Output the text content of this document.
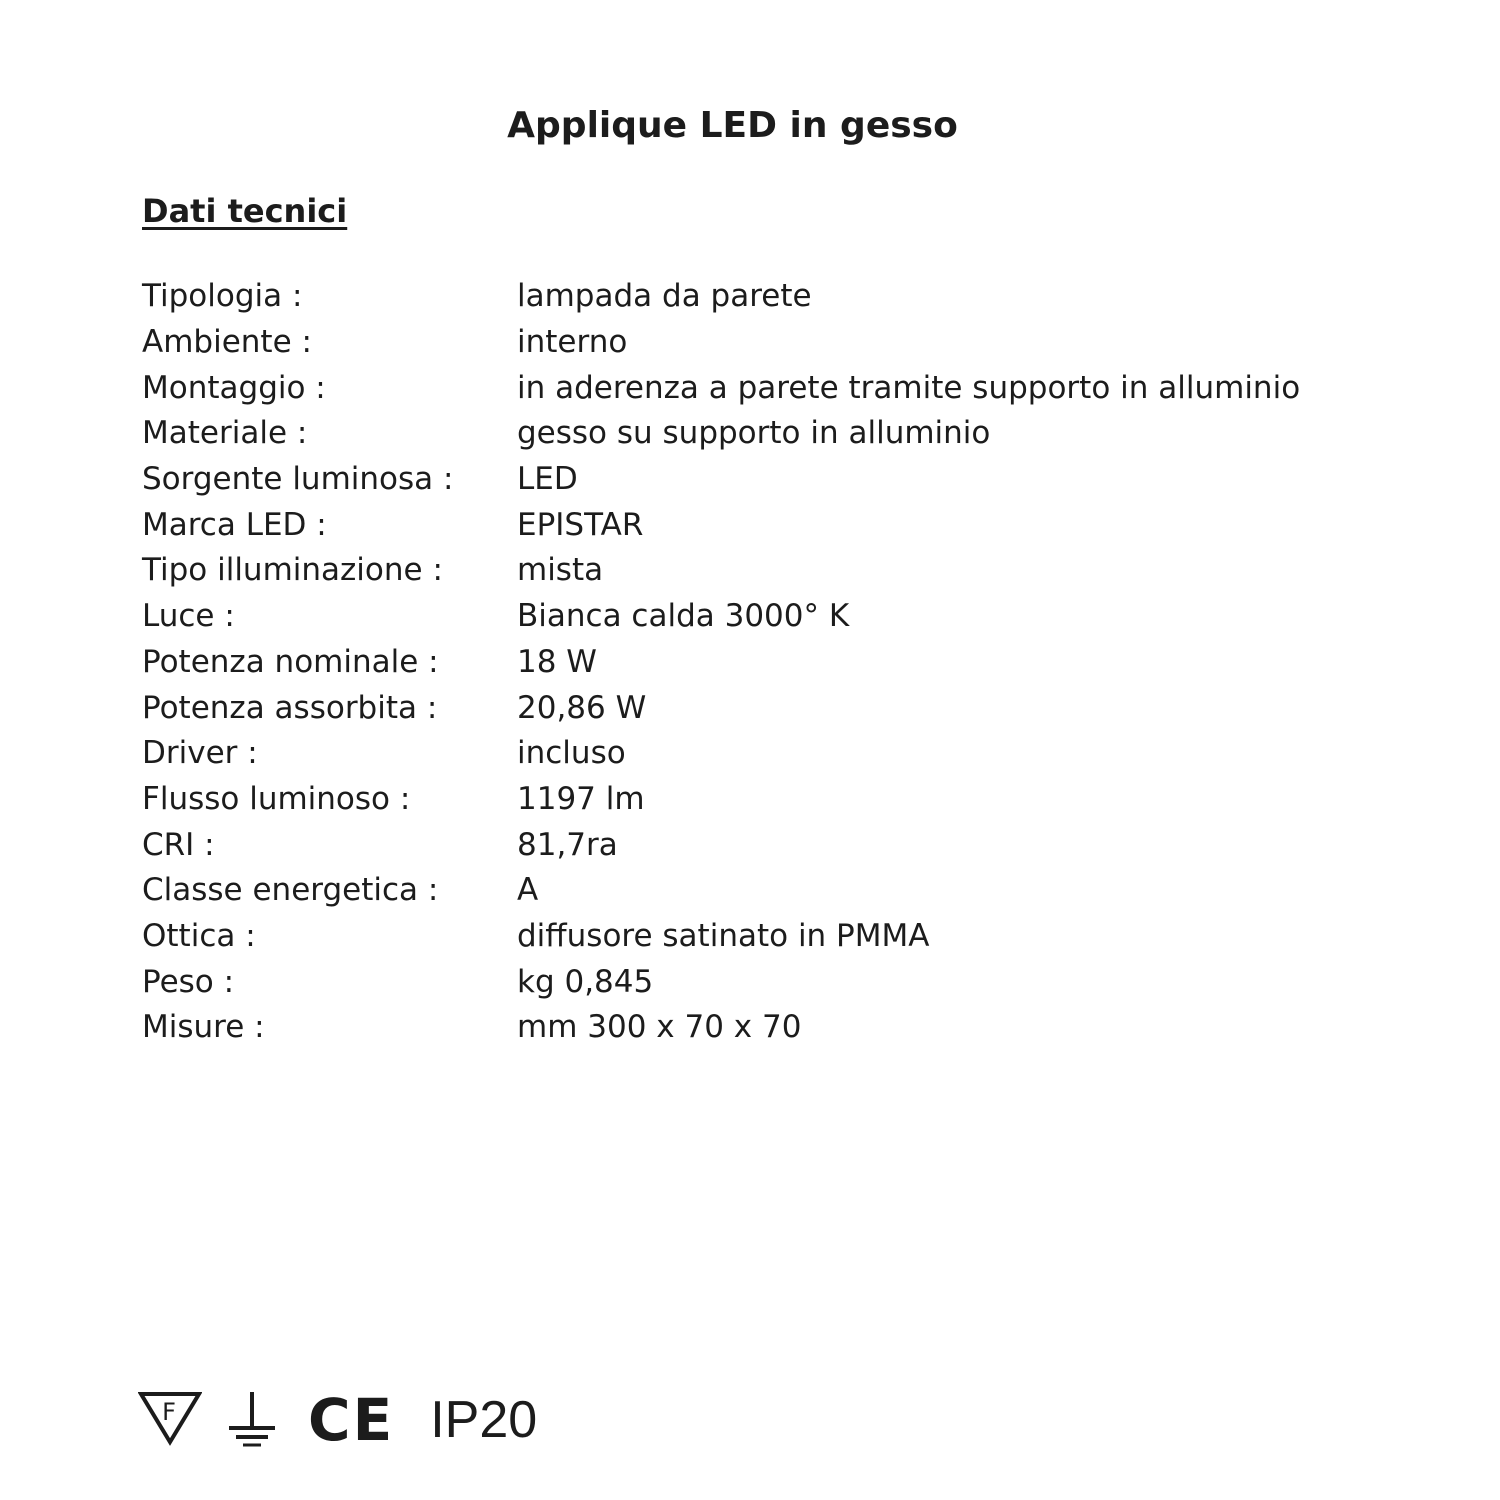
Applique LED in gesso
Dati tecnici
Tipologia :	lampada da parete
Ambiente :	interno
Montaggio :	in aderenza a parete tramite supporto in alluminio
Materiale :	gesso su supporto in alluminio
Sorgente luminosa :	LED
Marca LED :	EPISTAR
Tipo illuminazione :	mista
Luce :	Bianca calda 3000° K
Potenza nominale :	18 W
Potenza assorbita :	20,86 W
Driver :	incluso
Flusso luminoso :	1197 lm
CRI :	81,7ra
Classe energetica :	A
Ottica :	diffusore satinato in PMMA
Peso :	kg 0,845
Misure :	mm 300 x 70 x 70
F CE IP20
